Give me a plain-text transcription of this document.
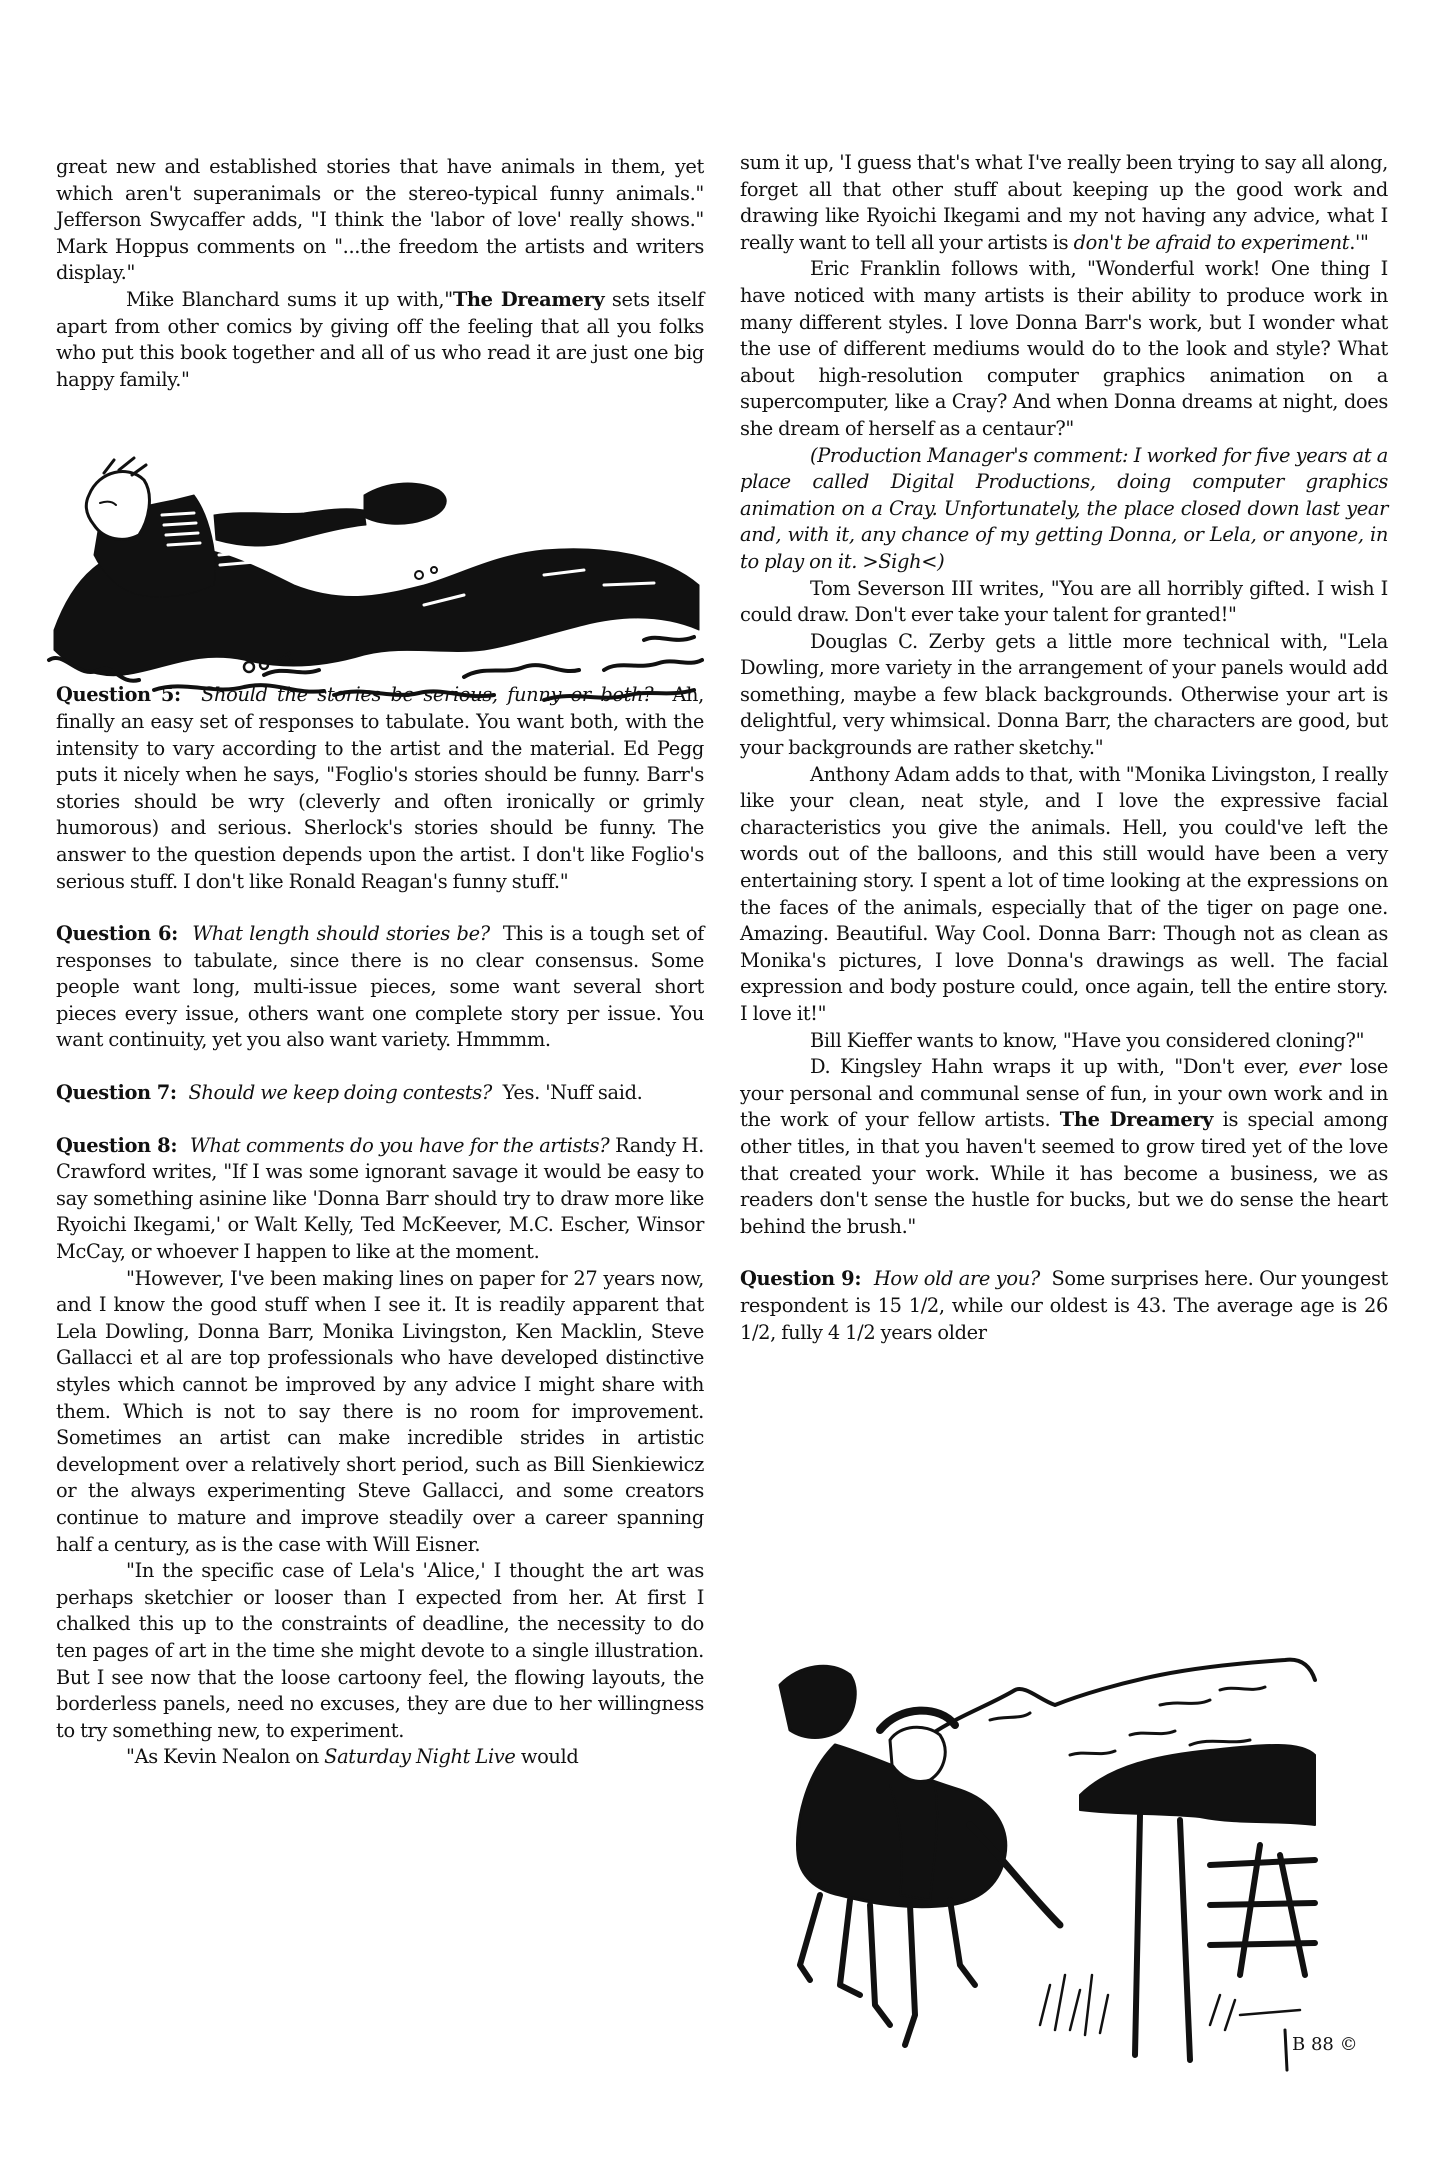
great new and established stories that have animals in them, yet which aren't superanimals or the stereo-typical funny animals." Jefferson Swycaffer adds, "I think the 'labor of love' really shows." Mark Hoppus comments on "...the freedom the artists and writers display."

Mike Blanchard sums it up with,"The Dreamery sets itself apart from other comics by giving off the feeling that all you folks who put this book together and all of us who read it are just one big happy family."

Question 5:  Should the stories be serious, funny or both? Ah, finally an easy set of responses to tabulate. You want both, with the intensity to vary according to the artist and the material. Ed Pegg puts it nicely when he says, "Foglio's stories should be funny. Barr's stories should be wry (cleverly and often ironically or grimly humorous) and serious. Sherlock's stories should be funny. The answer to the question depends upon the artist. I don't like Foglio's serious stuff. I don't like Ronald Reagan's funny stuff."

Question 6:  What length should stories be? This is a tough set of responses to tabulate, since there is no clear consensus. Some people want long, multi-issue pieces, some want several short pieces every issue, others want one complete story per issue. You want continuity, yet you also want variety. Hmmmm.

Question 7:  Should we keep doing contests? Yes. 'Nuff said.

Question 8:  What comments do you have for the artists? Randy H. Crawford writes, "If I was some ignorant savage it would be easy to say something asinine like 'Donna Barr should try to draw more like Ryoichi Ikegami,' or Walt Kelly, Ted McKeever, M.C. Escher, Winsor McCay, or whoever I happen to like at the moment.

"However, I've been making lines on paper for 27 years now, and I know the good stuff when I see it. It is readily apparent that Lela Dowling, Donna Barr, Monika Livingston, Ken Macklin, Steve Gallacci et al are top professionals who have developed distinctive styles which cannot be improved by any advice I might share with them. Which is not to say there is no room for improvement. Sometimes an artist can make incredible strides in artistic development over a relatively short period, such as Bill Sienkiewicz or the always experimenting Steve Gallacci, and some creators continue to mature and improve steadily over a career spanning half a century, as is the case with Will Eisner.

"In the specific case of Lela's 'Alice,' I thought the art was perhaps sketchier or looser than I expected from her. At first I chalked this up to the constraints of deadline, the necessity to do ten pages of art in the time she might devote to a single illustration. But I see now that the loose cartoony feel, the flowing layouts, the borderless panels, need no excuses, they are due to her willingness to try something new, to experiment.

"As Kevin Nealon on Saturday Night Live would

sum it up, 'I guess that's what I've really been trying to say all along, forget all that other stuff about keeping up the good work and drawing like Ryoichi Ikegami and my not having any advice, what I really want to tell all your artists is don't be afraid to experiment.'"

Eric Franklin follows with, "Wonderful work! One thing I have noticed with many artists is their ability to produce work in many different styles. I love Donna Barr's work, but I wonder what the use of different mediums would do to the look and style? What about high-resolution computer graphics animation on a supercomputer, like a Cray? And when Donna dreams at night, does she dream of herself as a centaur?"

(Production Manager's comment: I worked for five years at a place called Digital Productions, doing computer graphics animation on a Cray. Unfortunately, the place closed down last year and, with it, any chance of my getting Donna, or Lela, or anyone, in to play on it. >Sigh<)

Tom Severson III writes, "You are all horribly gifted. I wish I could draw. Don't ever take your talent for granted!"

Douglas C. Zerby gets a little more technical with, "Lela Dowling, more variety in the arrangement of your panels would add something, maybe a few black backgrounds. Otherwise your art is delightful, very whimsical. Donna Barr, the characters are good, but your backgrounds are rather sketchy."

Anthony Adam adds to that, with "Monika Livingston, I really like your clean, neat style, and I love the expressive facial characteristics you give the animals. Hell, you could've left the words out of the balloons, and this still would have been a very entertaining story. I spent a lot of time looking at the expressions on the faces of the animals, especially that of the tiger on page one. Amazing. Beautiful. Way Cool. Donna Barr: Though not as clean as Monika's pictures, I love Donna's drawings as well. The facial expression and body posture could, once again, tell the entire story. I love it!"

Bill Kieffer wants to know, "Have you considered cloning?"

D. Kingsley Hahn wraps it up with, "Don't ever, ever lose your personal and communal sense of fun, in your own work and in the work of your fellow artists. The Dreamery is special among other titles, in that you haven't seemed to grow tired yet of the love that created your work. While it has become a business, we as readers don't sense the hustle for bucks, but we do sense the heart behind the brush."

Question 9:  How old are you? Some surprises here. Our youngest respondent is 15 1/2, while our oldest is 43. The average age is 26 1/2, fully 4 1/2 years older

B 88 ©
